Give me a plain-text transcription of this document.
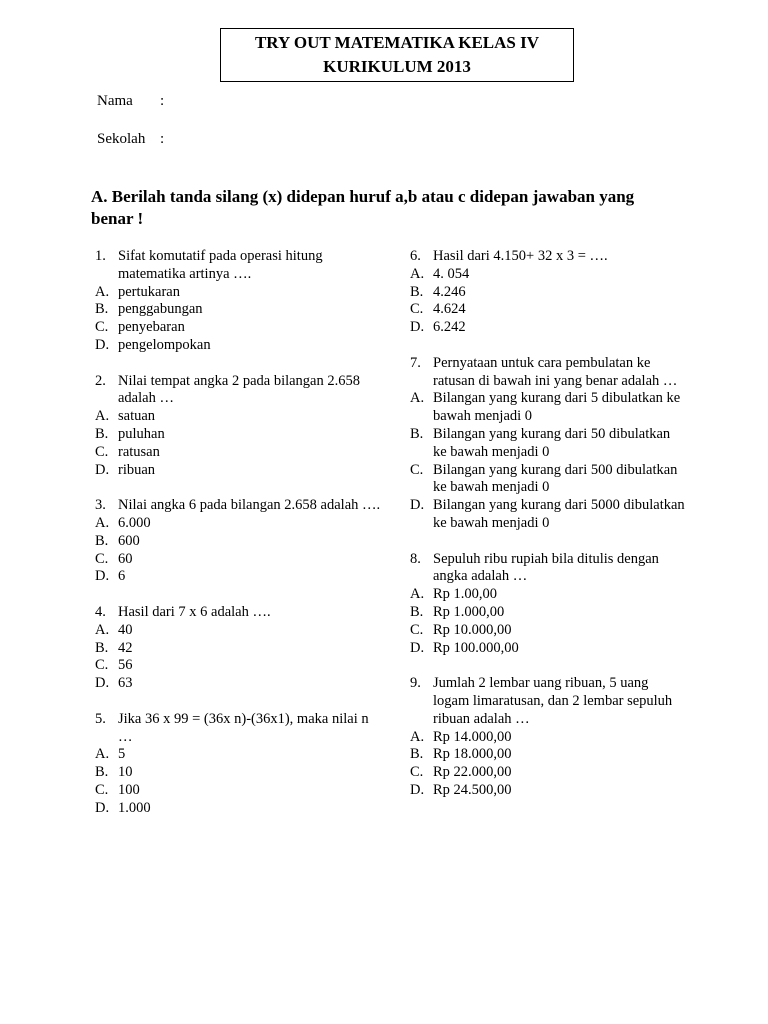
TRY OUT MATEMATIKA KELAS IV
KURIKULUM 2013
Nama :
Sekolah :
A. Berilah tanda silang (x) didepan huruf a,b atau c didepan jawaban yang benar !
1. Sifat komutatif pada operasi hitung matematika artinya ….
A. pertukaran
B. penggabungan
C. penyebaran
D. pengelompokan
2. Nilai tempat angka 2 pada bilangan 2.658 adalah …
A. satuan
B. puluhan
C. ratusan
D. ribuan
3. Nilai angka 6 pada bilangan 2.658 adalah ….
A. 6.000
B. 600
C. 60
D. 6
4. Hasil dari 7 x 6 adalah ….
A. 40
B. 42
C. 56
D. 63
5. Jika 36 x 99 = (36x n)-(36x1), maka nilai n …
A. 5
B. 10
C. 100
D. 1.000
6. Hasil dari 4.150+ 32 x 3 = ….
A. 4. 054
B. 4.246
C. 4.624
D. 6.242
7. Pernyataan untuk cara pembulatan ke ratusan di bawah ini yang benar adalah …
A. Bilangan yang kurang dari 5 dibulatkan ke bawah menjadi 0
B. Bilangan yang kurang dari 50 dibulatkan ke bawah menjadi 0
C. Bilangan yang kurang dari 500 dibulatkan ke bawah menjadi 0
D. Bilangan yang kurang dari 5000 dibulatkan ke bawah menjadi 0
8. Sepuluh ribu rupiah bila ditulis dengan angka adalah …
A. Rp 1.00,00
B. Rp 1.000,00
C. Rp 10.000,00
D. Rp 100.000,00
9. Jumlah 2 lembar uang ribuan, 5 uang logam limaratusan, dan 2 lembar sepuluh ribuan adalah …
A. Rp 14.000,00
B. Rp 18.000,00
C. Rp 22.000,00
D. Rp 24.500,00
